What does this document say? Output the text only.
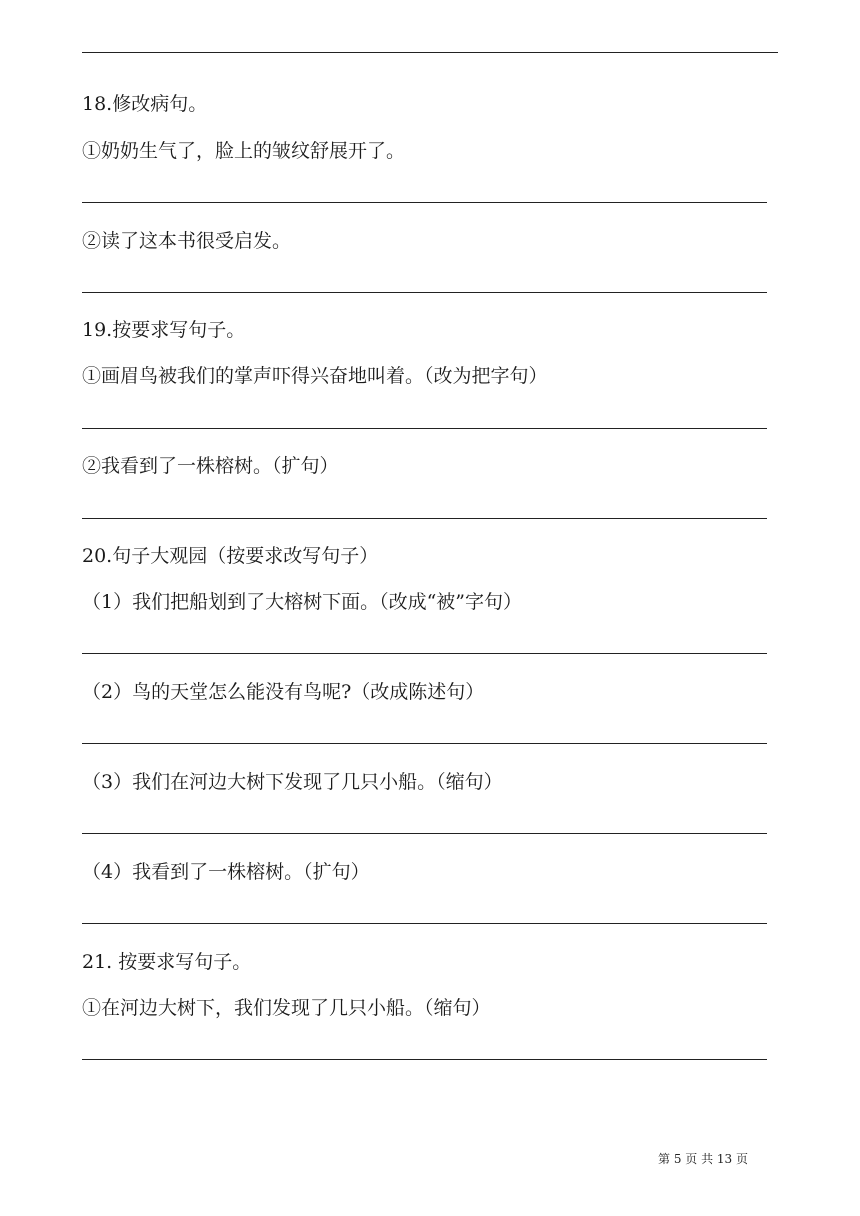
18.修改病句。
①奶奶生气了，脸上的皱纹舒展开了。
②读了这本书很受启发。
19.按要求写句子。
①画眉鸟被我们的掌声吓得兴奋地叫着。（改为把字句）
②我看到了一株榕树。（扩句）
20.句子大观园（按要求改写句子）
（1）我们把船划到了大榕树下面。（改成“被”字句）
（2）鸟的天堂怎么能没有鸟呢?（改成陈述句）
（3）我们在河边大树下发现了几只小船。（缩句）
（4）我看到了一株榕树。（扩句）
21. 按要求写句子。
①在河边大树下，我们发现了几只小船。（缩句）
第 5 页 共 13 页
